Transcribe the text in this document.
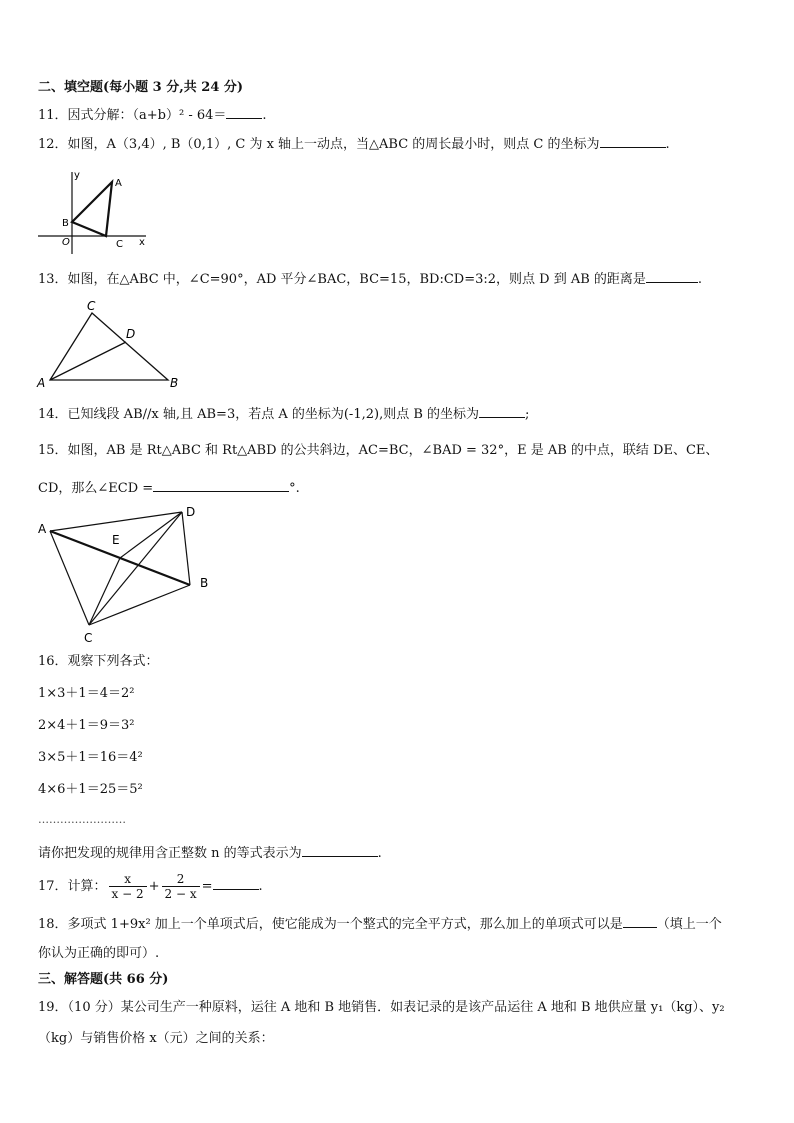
二、填空题(每小题 3 分,共 24 分)
11．因式分解：（a+b）² - 64＝	.
12．如图，A（3,4）, B（0,1）, C 为 x 轴上一动点，当△ABC 的周长最小时，则点 C 的坐标为	.
y
A
B
O	C x
13．如图，在△ABC 中，∠C=90°，AD 平分∠BAC，BC=15，BD:CD=3:2，则点 D 到 AB 的距离是	.
C
D
A	B
14．已知线段 AB//x 轴,且 AB=3，若点 A 的坐标为(-1,2),则点 B 的坐标为	;
15．如图，AB 是 Rt△ABC 和 Rt△ABD 的公共斜边，AC=BC，∠BAD = 32°，E 是 AB 的中点，联结 DE、CE、
CD，那么∠ECD =	°.
A
D
E
B
C
16．观察下列各式：
1×3＋1＝4＝2²
2×4＋1＝9＝3²
3×5＋1＝16＝4²
4×6＋1＝25＝5²
……………………
请你把发现的规律用含正整数 n 的等式表示为	.
17．计算： $\frac{x}{x - 2} + \frac{2}{2 - x}$ =	.
18．多项式 1+9x² 加上一个单项式后，使它能成为一个整式的完全平方式，那么加上的单项式可以是	（填上一个
你认为正确的即可）.
三、解答题(共 66 分)
19．（10 分）某公司生产一种原料，运往 A 地和 B 地销售．如表记录的是该产品运往 A 地和 B 地供应量 y₁（kg）、y₂
（kg）与销售价格 x（元）之间的关系：
